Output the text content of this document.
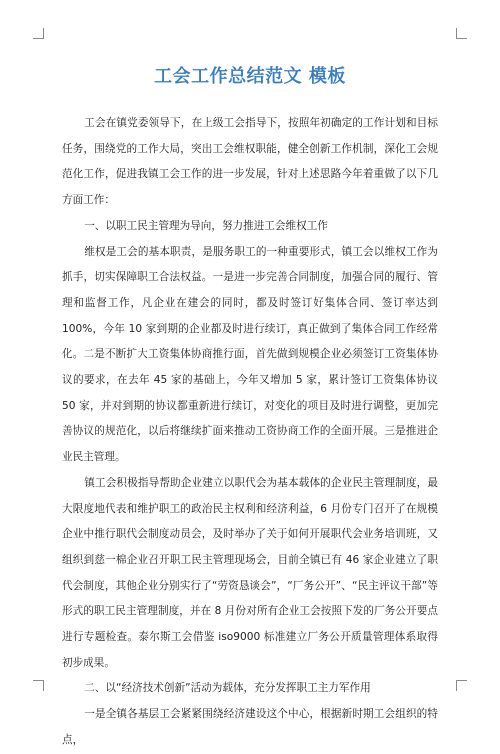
工会工作总结范文 模板

工会在镇党委领导下，在上级工会指导下，按照年初确定的工作计划和目标任务，围绕党的工作大局，突出工会维权职能，健全创新工作机制，深化工会规范化工作，促进我镇工会工作的进一步发展，针对上述思路今年着重做了以下几方面工作：

一、以职工民主管理为导向，努力推进工会维权工作

维权是工会的基本职责，是服务职工的一种重要形式，镇工会以维权工作为抓手，切实保障职工合法权益。一是进一步完善合同制度，加强合同的履行、管理和监督工作，凡企业在建会的同时，都及时签订好集体合同、签订率达到 100%，今年 10 家到期的企业都及时进行续订，真正做到了集体合同工作经常化。二是不断扩大工资集体协商推行面，首先做到规模企业必须签订工资集体协议的要求，在去年 45 家的基础上，今年又增加 5 家，累计签订工资集体协议 50 家，并对到期的协议都重新进行续订，对变化的项目及时进行调整，更加完善协议的规范化，以后将继续扩面来推动工资协商工作的全面开展。三是推进企业民主管理。

镇工会积极指导帮助企业建立以职代会为基本载体的企业民主管理制度，最大限度地代表和维护职工的政治民主权利和经济利益，6 月份专门召开了在规模企业中推行职代会制度动员会，及时举办了关于如何开展职代会业务培训班，又组织到慈一棉企业召开职工民主管理现场会，目前全镇已有 46 家企业建立了职代会制度，其他企业分别实行了“劳资恳谈会”，“厂务公开”、“民主评议干部”等形式的职工民主管理制度，并在 8 月份对所有企业工会按照下发的厂务公开要点进行专题检查。泰尔斯工会借鉴 iso9000 标准建立厂务公开质量管理体系取得初步成果。

二、以“经济技术创新”活动为载体，充分发挥职工主力军作用

一是全镇各基层工会紧紧围绕经济建设这个中心，根据新时期工会组织的特点，
